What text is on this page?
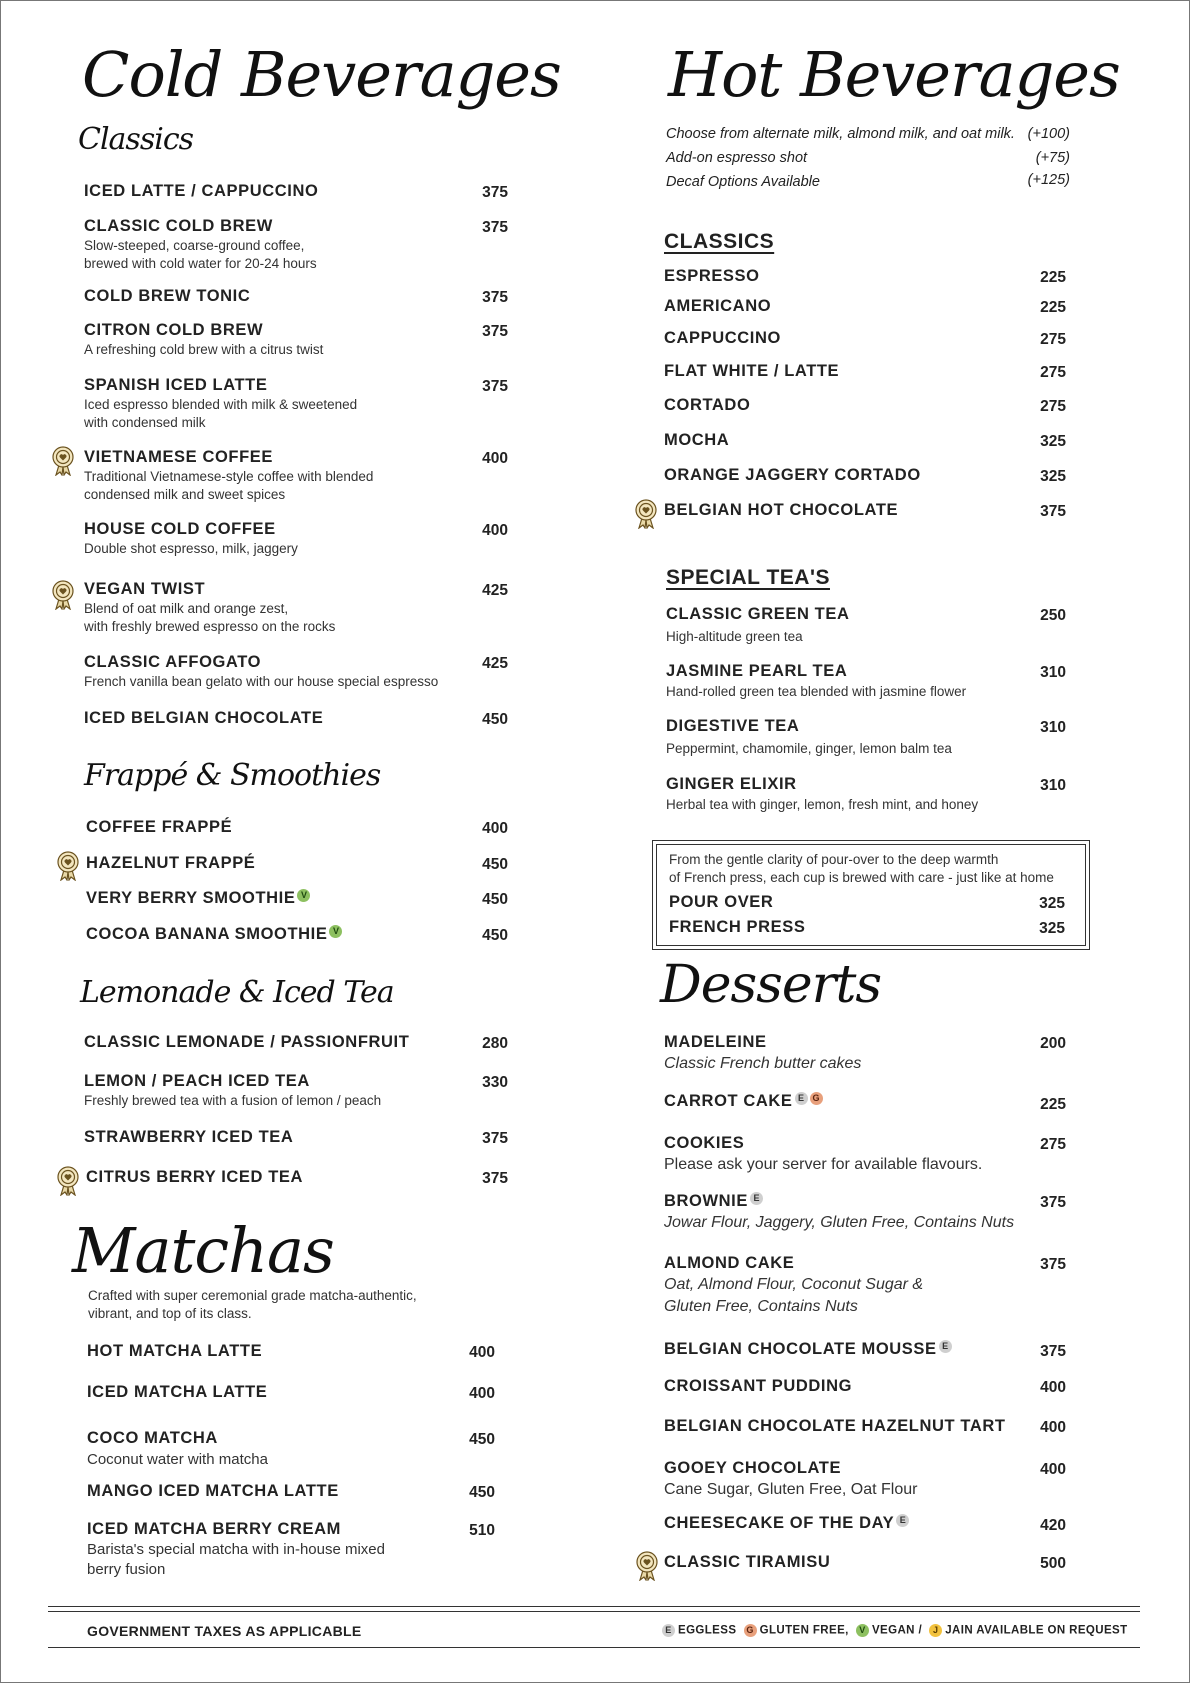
Cold Beverages
Classics
ICED LATTE / CAPPUCCINO	375
CLASSIC COLD BREW	375
Slow-steeped, coarse-ground coffee,
brewed with cold water for 20-24 hours
COLD BREW TONIC	375
CITRON COLD BREW	375
A refreshing cold brew with a citrus twist
SPANISH ICED LATTE	375
Iced espresso blended with milk & sweetened
with condensed milk
VIETNAMESE COFFEE	400
Traditional Vietnamese-style coffee with blended
condensed milk and sweet spices
HOUSE COLD COFFEE	400
Double shot espresso, milk, jaggery
VEGAN TWIST	425
Blend of oat milk and orange zest,
with freshly brewed espresso on the rocks
CLASSIC AFFOGATO	425
French vanilla bean gelato with our house special espresso
ICED BELGIAN CHOCOLATE	450
Frappé & Smoothies
COFFEE FRAPPÉ	400
HAZELNUT FRAPPÉ	450
VERY BERRY SMOOTHIE V	450
COCOA BANANA SMOOTHIE V	450
Lemonade & Iced Tea
CLASSIC LEMONADE / PASSIONFRUIT	280
LEMON / PEACH ICED TEA	330
Freshly brewed tea with a fusion of lemon / peach
STRAWBERRY ICED TEA	375
CITRUS BERRY ICED TEA	375
Matchas
Crafted with super ceremonial grade matcha-authentic,
vibrant, and top of its class.
HOT MATCHA LATTE	400
ICED MATCHA LATTE	400
COCO MATCHA	450
Coconut water with matcha
MANGO ICED MATCHA LATTE	450
ICED MATCHA BERRY CREAM	510
Barista's special matcha with in-house mixed
berry fusion
Hot Beverages
Choose from alternate milk, almond milk, and oat milk. (+100)
Add-on espresso shot	(+75)
Decaf Options Available	(+125)
CLASSICS
ESPRESSO	225
AMERICANO	225
CAPPUCCINO	275
FLAT WHITE / LATTE	275
CORTADO	275
MOCHA	325
ORANGE JAGGERY CORTADO	325
BELGIAN HOT CHOCOLATE	375
SPECIAL TEA'S
CLASSIC GREEN TEA	250
High-altitude green tea
JASMINE PEARL TEA	310
Hand-rolled green tea blended with jasmine flower
DIGESTIVE TEA	310
Peppermint, chamomile, ginger, lemon balm tea
GINGER ELIXIR	310
Herbal tea with ginger, lemon, fresh mint, and honey
From the gentle clarity of pour-over to the deep warmth
of French press, each cup is brewed with care - just like at home
POUR OVER	325
FRENCH PRESS	325
Desserts
MADELEINE	200
Classic French butter cakes
CARROT CAKE E G	225
COOKIES	275
Please ask your server for available flavours.
BROWNIE E	375
Jowar Flour, Jaggery, Gluten Free, Contains Nuts
ALMOND CAKE	375
Oat, Almond Flour, Coconut Sugar &
Gluten Free, Contains Nuts
BELGIAN CHOCOLATE MOUSSE E	375
CROISSANT PUDDING	400
BELGIAN CHOCOLATE HAZELNUT TART 400
GOOEY CHOCOLATE	400
Cane Sugar, Gluten Free, Oat Flour
CHEESECAKE OF THE DAY E	420
CLASSIC TIRAMISU	500
GOVERNMENT TAXES AS APPLICABLE	E EGGLESS G GLUTEN FREE, V VEGAN / J JAIN AVAILABLE ON REQUEST
